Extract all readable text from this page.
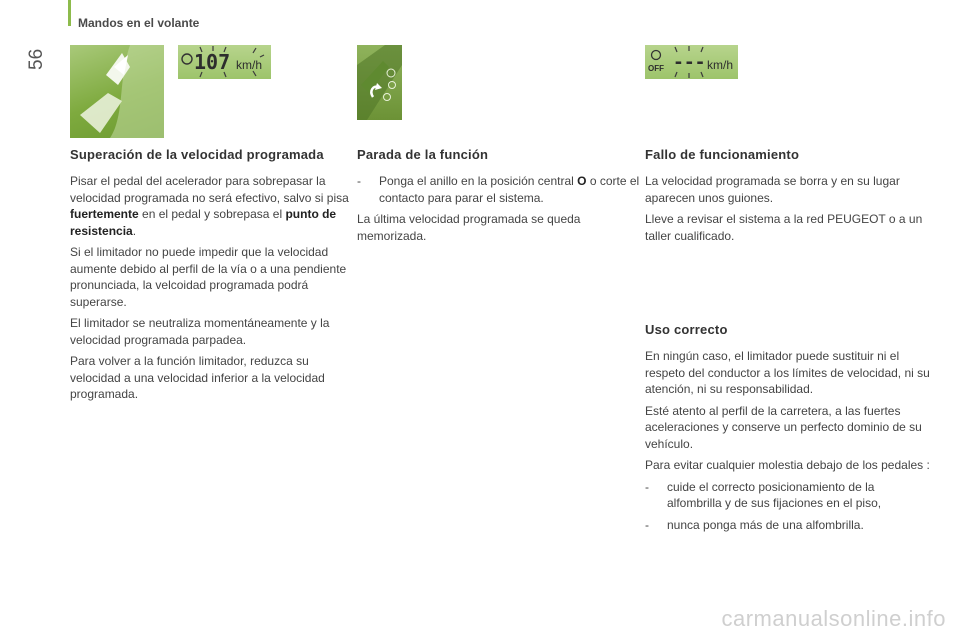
Mandos en el volante
56	107 km/h	OFF --- km/h
Superación de la velocidad programada

Pisar el pedal del acelerador para sobrepasar la velocidad programada no será efectivo, salvo si pisa fuertemente en el pedal y sobrepasa el punto de resistencia.

Si el limitador no puede impedir que la velocidad aumente debido al perfil de la vía o a una pendiente pronunciada, la velcoidad programada podrá superarse.

El limitador se neutraliza momentáneamente y la velocidad programada parpadea.

Para volver a la función limitador, reduzca su velocidad a una velocidad inferior a la velocidad programada.

Parada de la función
-	Ponga el anillo en la posición central O o corte el contacto para parar el sistema.

La última velocidad programada se queda memorizada.

Fallo de funcionamiento

La velocidad programada se borra y en su lugar aparecen unos guiones.

Lleve a revisar el sistema a la red PEUGEOT o a un taller cualificado.

Uso correcto

En ningún caso, el limitador puede sustituir ni el respeto del conductor a los límites de velocidad, ni su atención, ni su responsabilidad.

Esté atento al perfil de la carretera, a las fuertes aceleraciones y conserve un perfecto dominio de su vehículo.

Para evitar cualquier molestia debajo de los pedales :

-	cuide el correcto posicionamiento de la alfombrilla y de sus fijaciones en el piso,
-	nunca ponga más de una alfombrilla.
carmanualsonline.info
